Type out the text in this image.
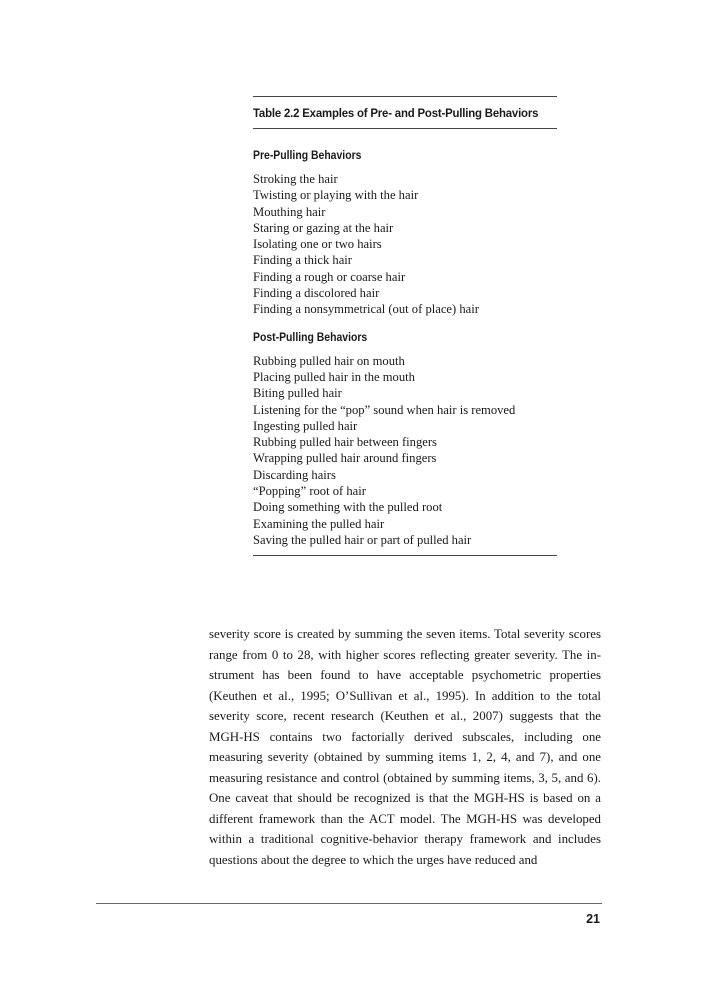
Table 2.2 Examples of Pre- and Post-Pulling Behaviors
Pre-Pulling Behaviors
Stroking the hair
Twisting or playing with the hair
Mouthing hair
Staring or gazing at the hair
Isolating one or two hairs
Finding a thick hair
Finding a rough or coarse hair
Finding a discolored hair
Finding a nonsymmetrical (out of place) hair
Post-Pulling Behaviors
Rubbing pulled hair on mouth
Placing pulled hair in the mouth
Biting pulled hair
Listening for the “pop” sound when hair is removed
Ingesting pulled hair
Rubbing pulled hair between fingers
Wrapping pulled hair around fingers
Discarding hairs
“Popping” root of hair
Doing something with the pulled root
Examining the pulled hair
Saving the pulled hair or part of pulled hair

severity score is created by summing the seven items. Total severity scores range from 0 to 28, with higher scores reflecting greater severity. The instrument has been found to have acceptable psychometric properties (Keuthen et al., 1995; O’Sullivan et al., 1995). In addition to the total severity score, recent research (Keuthen et al., 2007) suggests that the MGH-HS contains two factorially derived subscales, including one measuring severity (obtained by summing items 1, 2, 4, and 7), and one measuring resistance and control (obtained by summing items, 3, 5, and 6). One caveat that should be recognized is that the MGH-HS is based on a different framework than the ACT model. The MGH-HS was developed within a traditional cognitive-behavior therapy framework and includes questions about the degree to which the urges have reduced and

21
